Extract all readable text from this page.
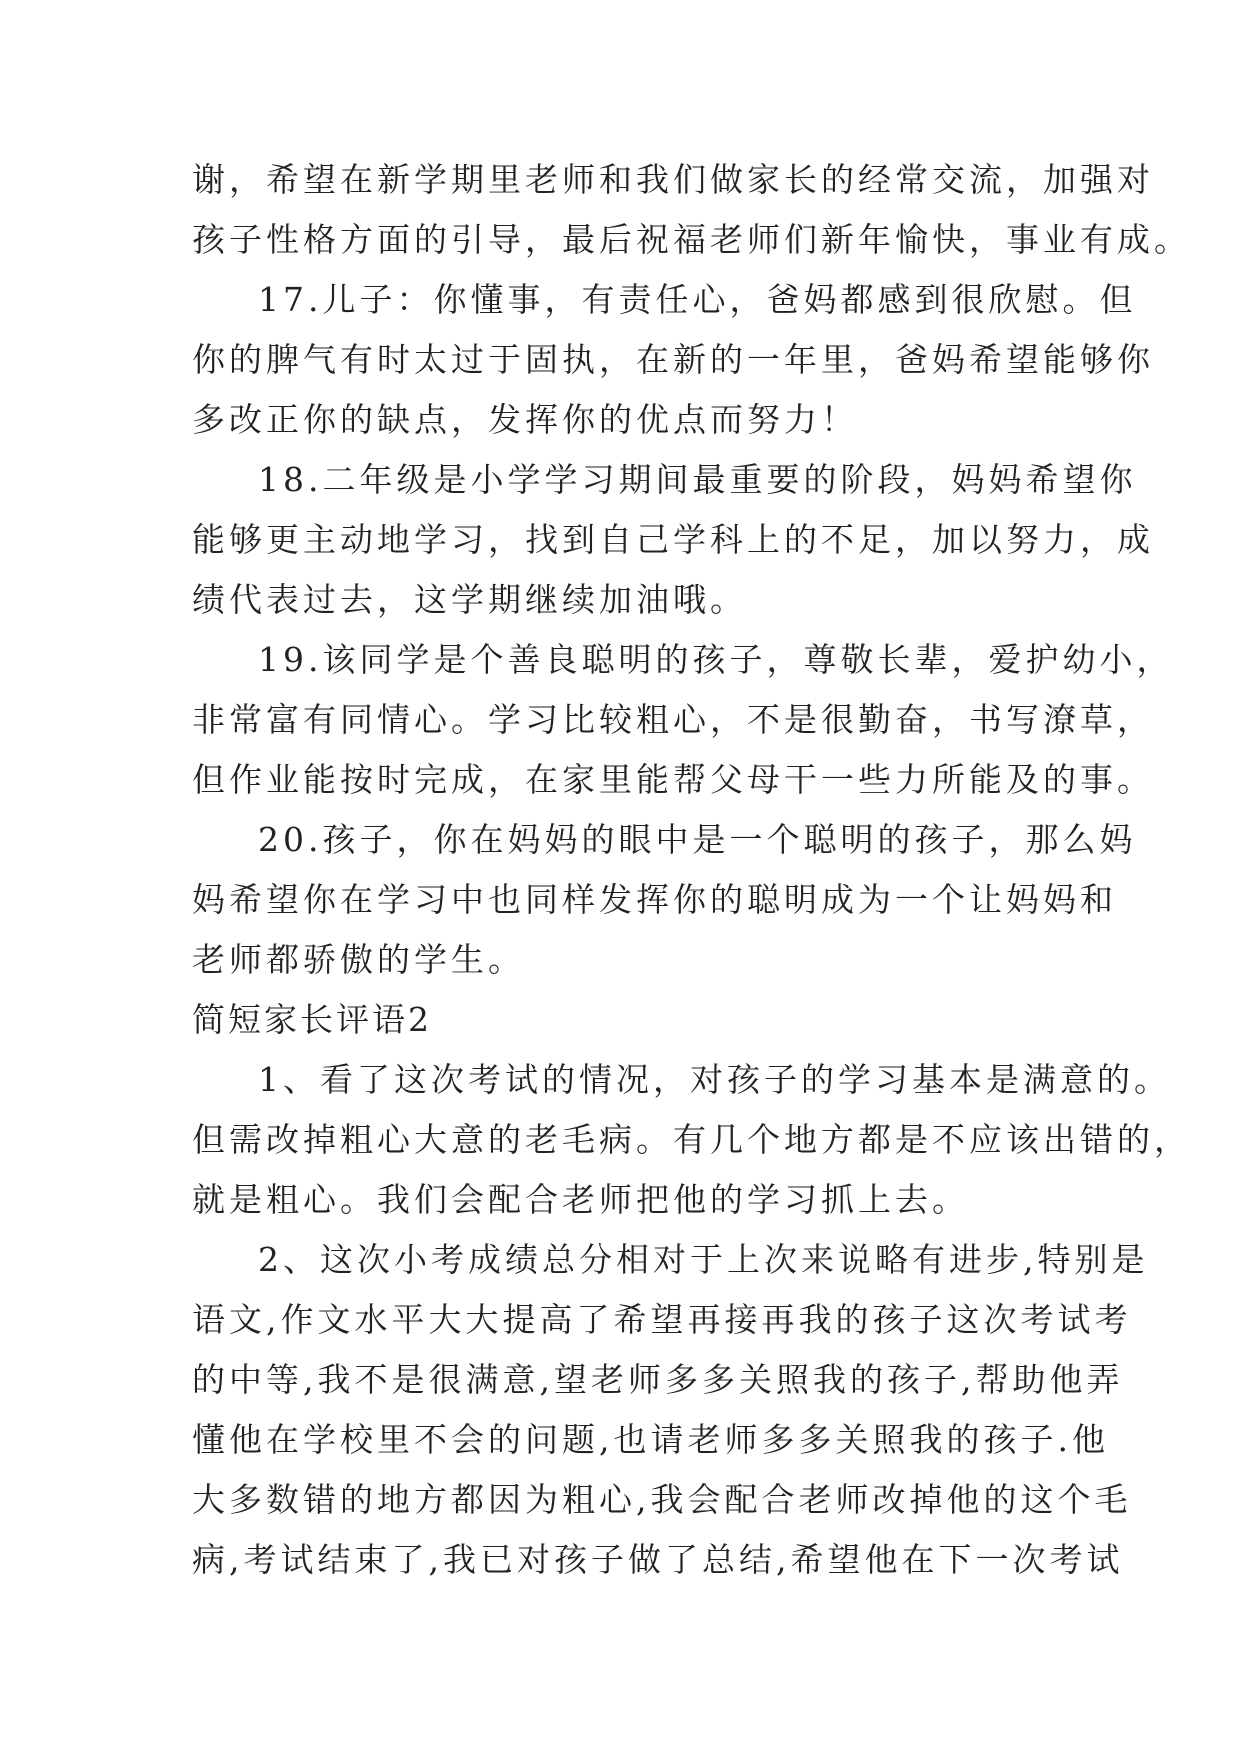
谢，希望在新学期里老师和我们做家长的经常交流，加强对
孩子性格方面的引导，最后祝福老师们新年愉快，事业有成。
17.儿子：你懂事，有责任心，爸妈都感到很欣慰。但
你的脾气有时太过于固执，在新的一年里，爸妈希望能够你
多改正你的缺点，发挥你的优点而努力！
18.二年级是小学学习期间最重要的阶段，妈妈希望你
能够更主动地学习，找到自己学科上的不足，加以努力，成
绩代表过去，这学期继续加油哦。
19.该同学是个善良聪明的孩子，尊敬长辈，爱护幼小，
非常富有同情心。学习比较粗心，不是很勤奋，书写潦草，
但作业能按时完成，在家里能帮父母干一些力所能及的事。
20.孩子，你在妈妈的眼中是一个聪明的孩子，那么妈
妈希望你在学习中也同样发挥你的聪明成为一个让妈妈和
老师都骄傲的学生。
简短家长评语2
1、看了这次考试的情况，对孩子的学习基本是满意的。
但需改掉粗心大意的老毛病。有几个地方都是不应该出错的，
就是粗心。我们会配合老师把他的学习抓上去。
2、这次小考成绩总分相对于上次来说略有进步,特别是
语文,作文水平大大提高了希望再接再我的孩子这次考试考
的中等,我不是很满意,望老师多多关照我的孩子,帮助他弄
懂他在学校里不会的问题,也请老师多多关照我的孩子.他
大多数错的地方都因为粗心,我会配合老师改掉他的这个毛
病,考试结束了,我已对孩子做了总结,希望他在下一次考试
